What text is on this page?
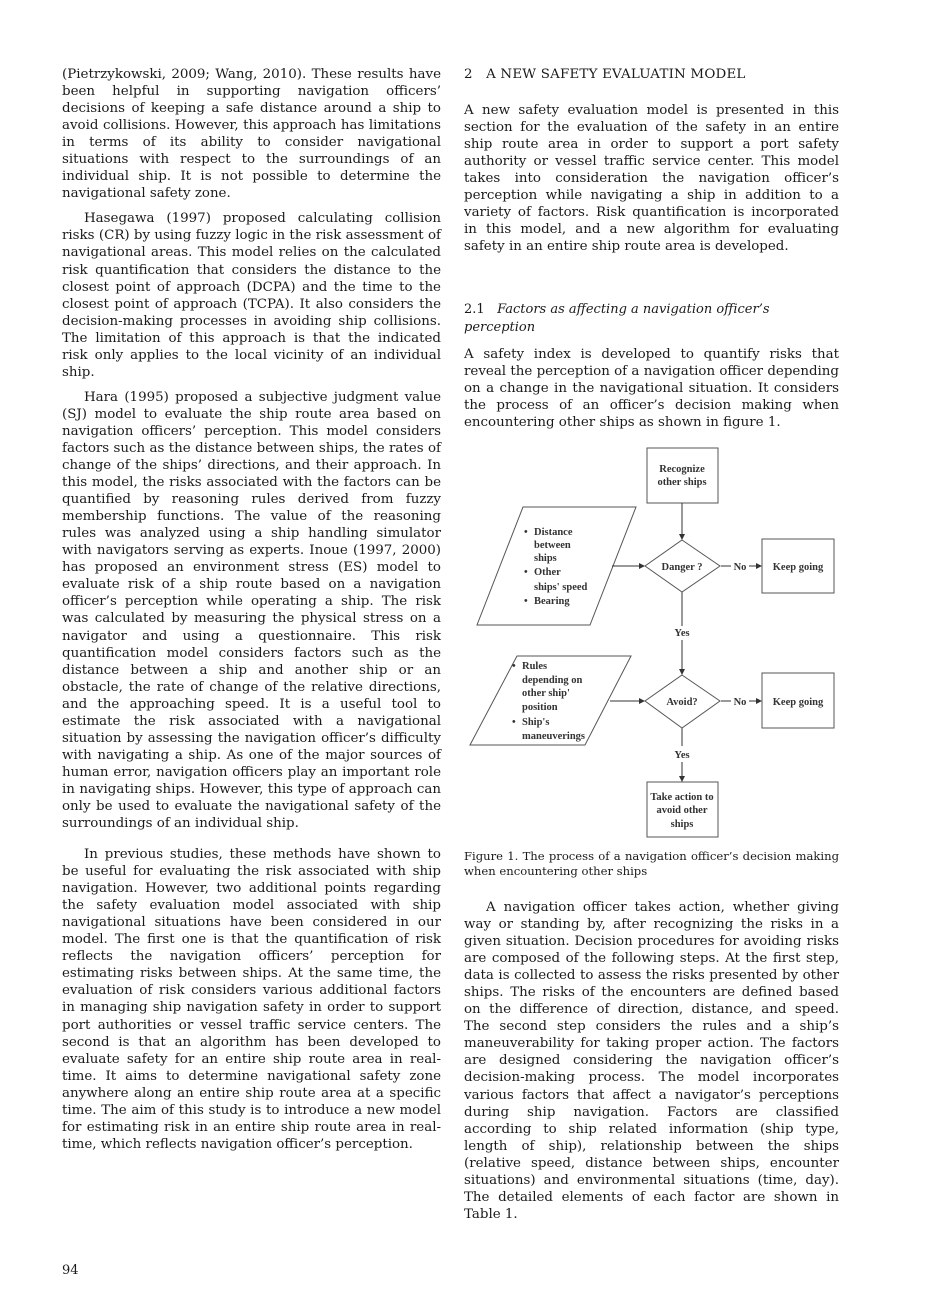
(Pietrzykowski, 2009; Wang, 2010). These results have been helpful in supporting navigation officers’ decisions of keeping a safe distance around a ship to avoid collisions. However, this approach has limitations in terms of its ability to consider navigational situations with respect to the surroundings of an individual ship. It is not possible to determine the navigational safety zone.

Hasegawa (1997) proposed calculating collision risks (CR) by using fuzzy logic in the risk assessment of navigational areas. This model relies on the calculated risk quantification that considers the distance to the closest point of approach (DCPA) and the time to the closest point of approach (TCPA). It also considers the decision-making processes in avoiding ship collisions. The limitation of this approach is that the indicated risk only applies to the local vicinity of an individual ship.

Hara (1995) proposed a subjective judgment value (SJ) model to evaluate the ship route area based on navigation officers’ perception. This model considers factors such as the distance between ships, the rates of change of the ships’ directions, and their approach. In this model, the risks associated with the factors can be quantified by reasoning rules derived from fuzzy membership functions. The value of the reasoning rules was analyzed using a ship handling simulator with navigators serving as experts. Inoue (1997, 2000) has proposed an environment stress (ES) model to evaluate risk of a ship route based on a navigation officer’s perception while operating a ship. The risk was calculated by measuring the physical stress on a navigator and using a questionnaire. This risk quantification model considers factors such as the distance between a ship and another ship or an obstacle, the rate of change of the relative directions, and the approaching speed. It is a useful tool to estimate the risk associated with a navigational situation by assessing the navigation officer’s difficulty with navigating a ship. As one of the major sources of human error, navigation officers play an important role in navigating ships. However, this type of approach can only be used to evaluate the navigational safety of the surroundings of an individual ship.

In previous studies, these methods have shown to be useful for evaluating the risk associated with ship navigation. However, two additional points regarding the safety evaluation model associated with ship navigational situations have been considered in our model. The first one is that the quantification of risk reflects the navigation officers’ perception for estimating risks between ships. At the same time, the evaluation of risk considers various additional factors in managing ship navigation safety in order to support port authorities or vessel traffic service centers. The second is that an algorithm has been developed to evaluate safety for an entire ship route area in real-time. It aims to determine navigational safety zone anywhere along an entire ship route area at a specific time. The aim of this study is to introduce a new model for estimating risk in an entire ship route area in real-time, which reflects navigation officer’s perception.

2   A NEW SAFETY EVALUATIN MODEL

A new safety evaluation model is presented in this section for the evaluation of the safety in an entire ship route area in order to support a port safety authority or vessel traffic service center. This model takes into consideration the navigation officer’s perception while navigating a ship in addition to a variety of factors. Risk quantification is incorporated in this model, and a new algorithm for evaluating safety in an entire ship route area is developed.

2.1 Factors as affecting a navigation officer’s perception

A safety index is developed to quantify risks that reveal the perception of a navigation officer depending on a change in the navigational situation. It considers the process of an officer’s decision making when encountering other ships as shown in figure 1.

Recognize
other ships
Danger ?	No	Keep going
Yes
Avoid?	No	Keep going
Yes
Take action to
avoid other
ships
• Distance
between
ships
• Other
ships' speed
• Bearing
• Rules
depending on
other ship'
position
• Ship's
maneuverings
Figure 1. The process of a navigation officer’s decision making when encountering other ships

A navigation officer takes action, whether giving way or standing by, after recognizing the risks in a given situation. Decision procedures for avoiding risks are composed of the following steps. At the first step, data is collected to assess the risks presented by other ships. The risks of the encounters are defined based on the difference of direction, distance, and speed. The second step considers the rules and a ship’s maneuverability for taking proper action. The factors are designed considering the navigation officer’s decision-making process. The model incorporates various factors that affect a navigator’s perceptions during ship navigation. Factors are classified according to ship related information (ship type, length of ship), relationship between the ships (relative speed, distance between ships, encounter situations) and environmental situations (time, day). The detailed elements of each factor are shown in Table 1.

94
